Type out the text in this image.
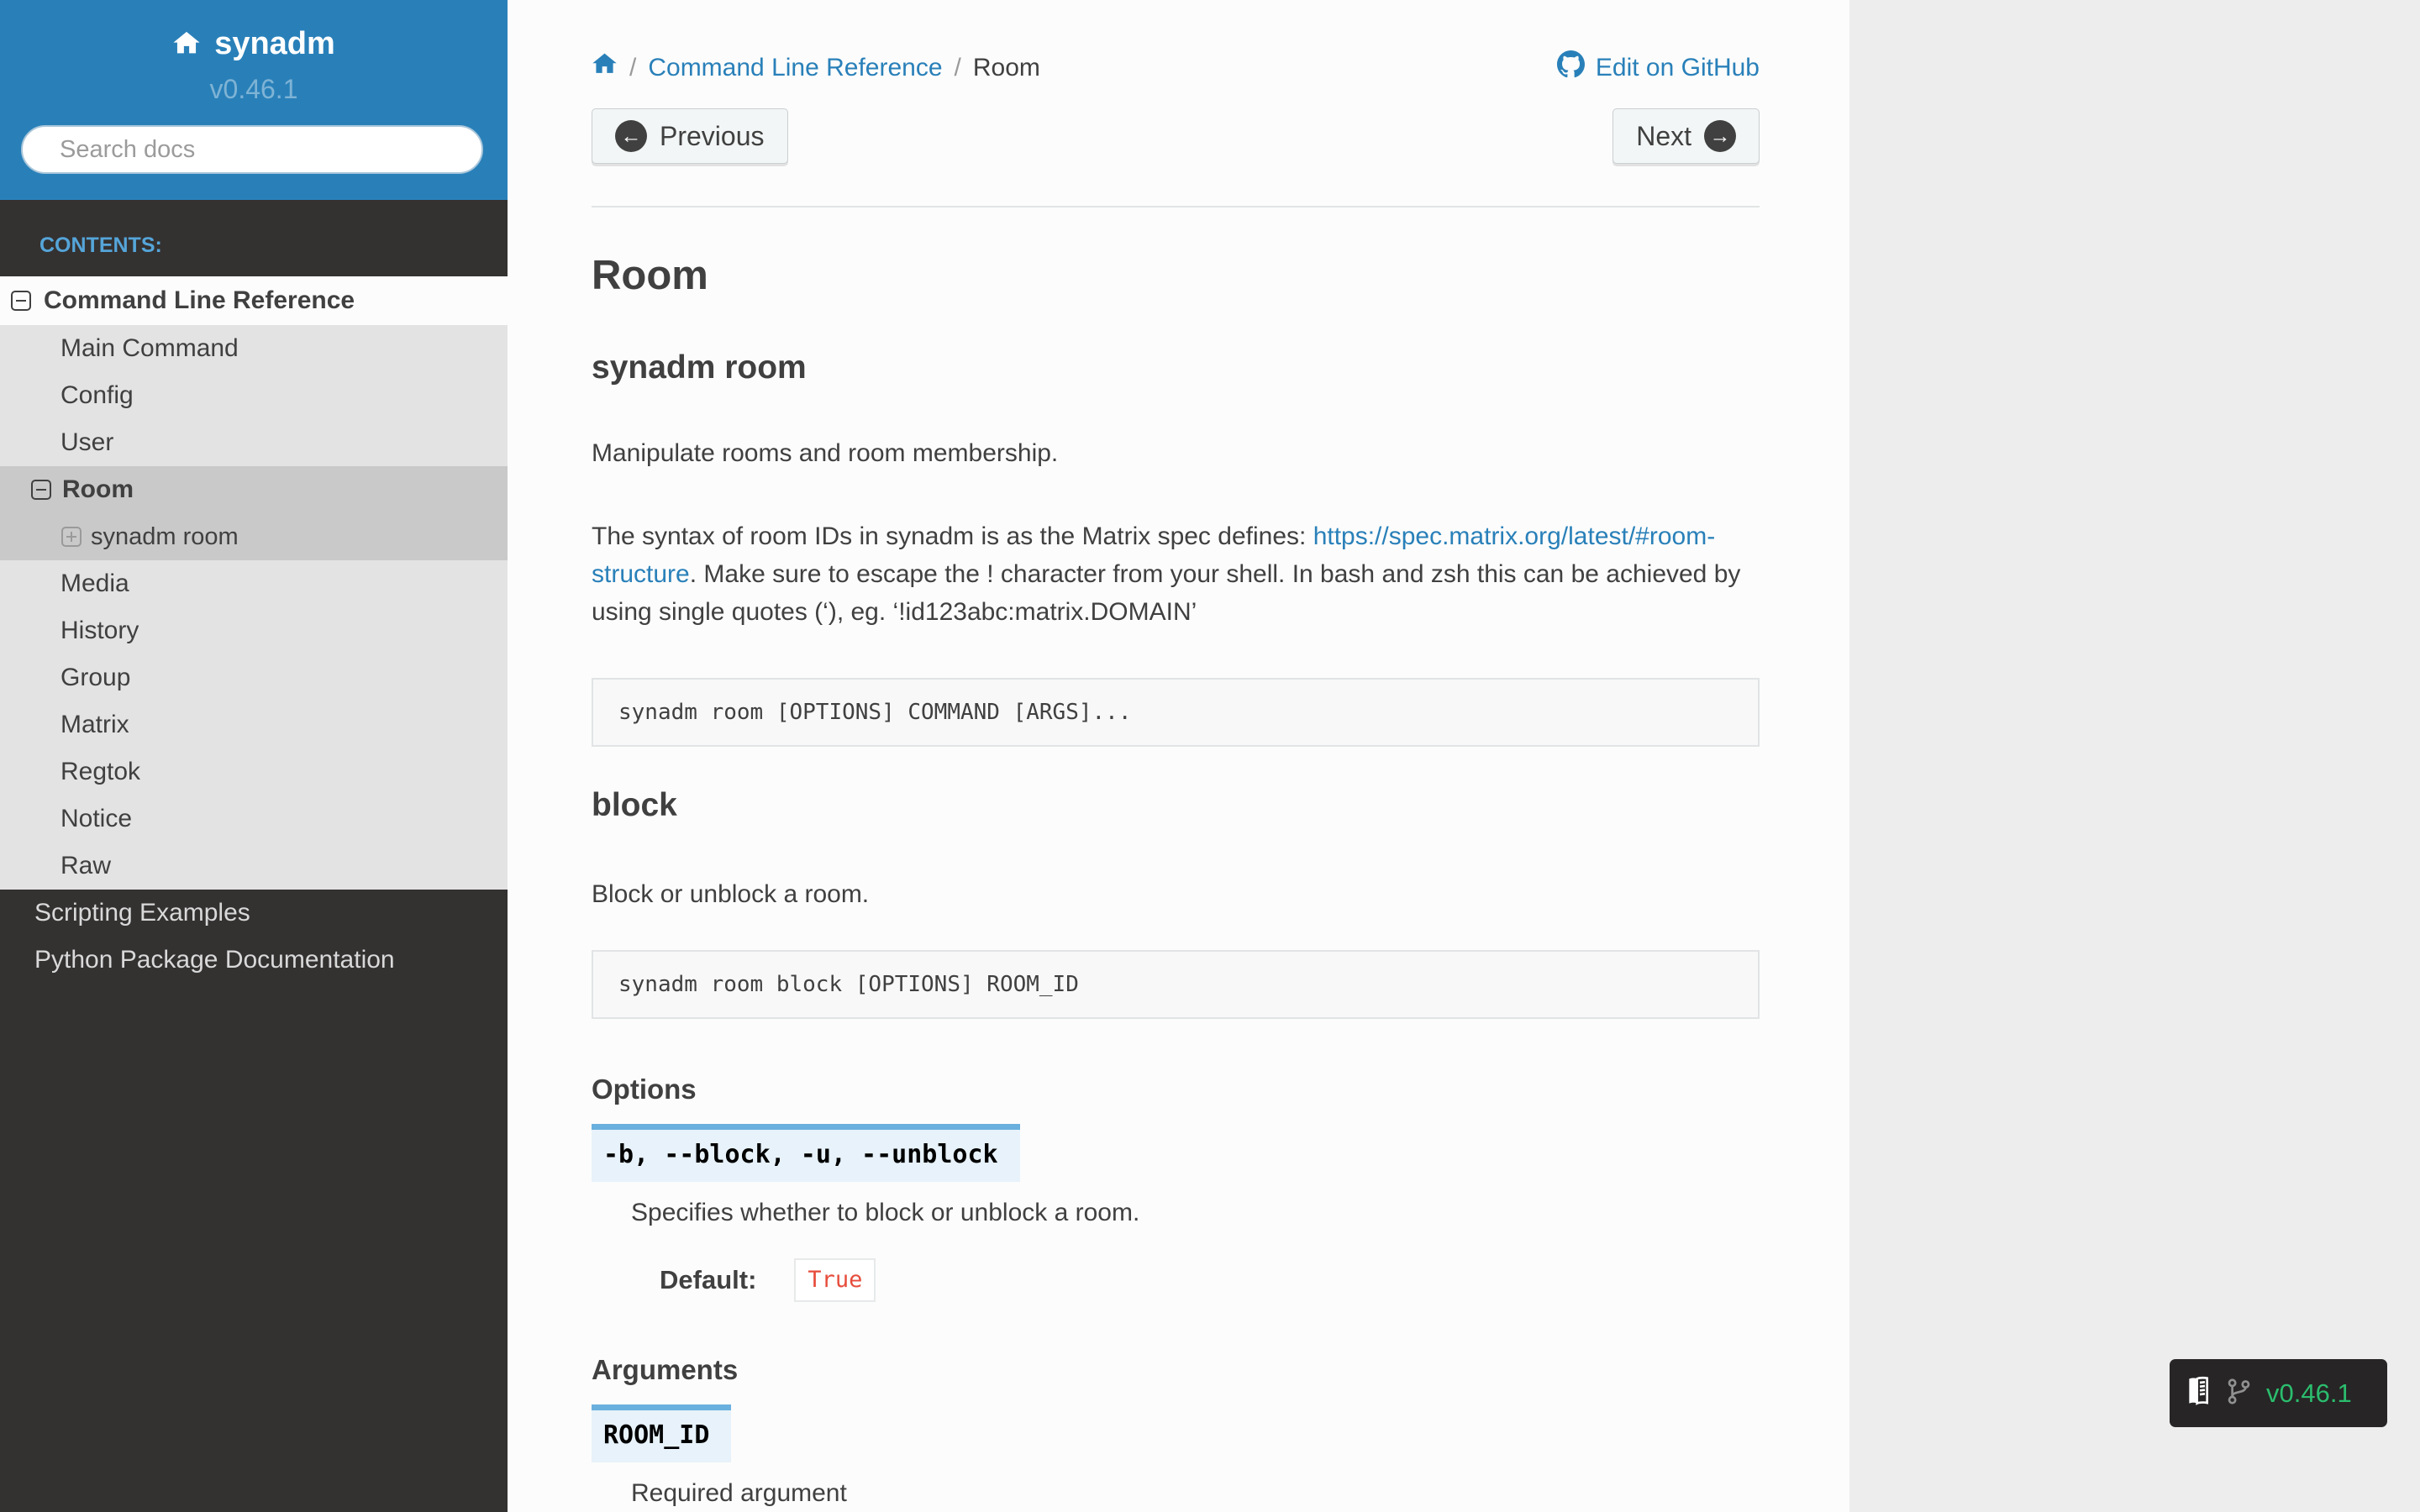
synadm
v0.46.1
Search docs
CONTENTS:
Command Line Reference
Main Command
Config
User
Room
synadm room
Media
History
Group
Matrix
Regtok
Notice
Raw
Scripting Examples
Python Package Documentation
/ Command Line Reference / Room	Edit on GitHub
← Previous	Next →
Room
synadm room

Manipulate rooms and room membership.

The syntax of room IDs in synadm is as the Matrix spec defines: https://spec.matrix.org/latest/#room-structure. Make sure to escape the ! character from your shell. In bash and zsh this can be achieved by using single quotes (‘), eg. ‘!id123abc:matrix.DOMAIN’

synadm room [OPTIONS] COMMAND [ARGS]...
block

Block or unblock a room.

synadm room block [OPTIONS] ROOM_ID

Options

-b, --block, -u, --unblock

Specifies whether to block or unblock a room.

Default:	True

Arguments

ROOM_ID

Required argument

v0.46.1
